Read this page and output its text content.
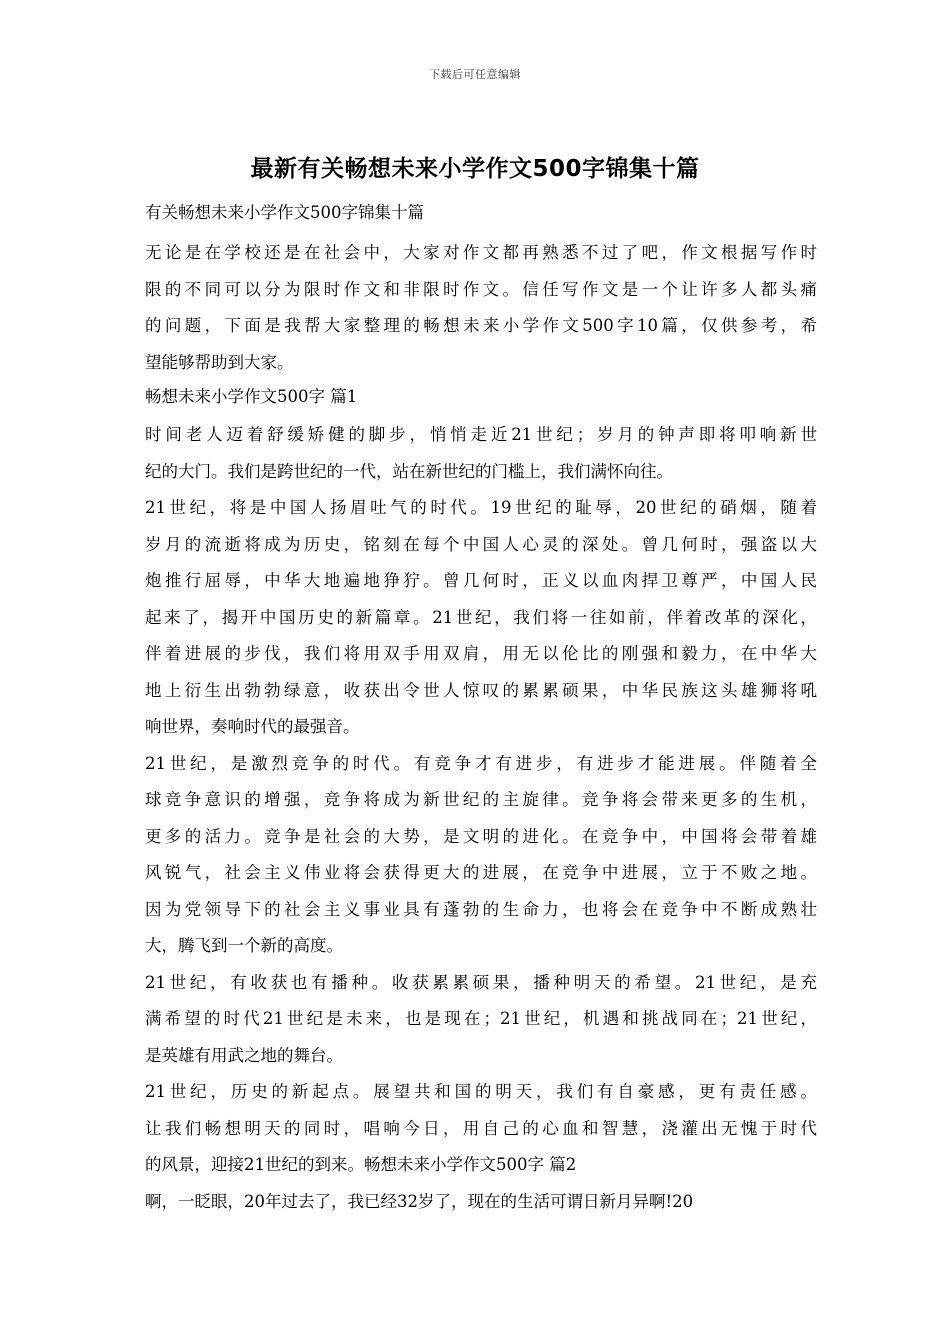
下载后可任意编辑
最新有关畅想未来小学作文500字锦集十篇
有关畅想未来小学作文500字锦集十篇
无论是在学校还是在社会中，大家对作文都再熟悉不过了吧，作文根据写作时
限的不同可以分为限时作文和非限时作文。信任写作文是一个让许多人都头痛
的问题，下面是我帮大家整理的畅想未来小学作文500字10篇，仅供参考，希
望能够帮助到大家。
畅想未来小学作文500字 篇1
时间老人迈着舒缓矫健的脚步，悄悄走近21世纪；岁月的钟声即将叩响新世
纪的大门。我们是跨世纪的一代，站在新世纪的门槛上，我们满怀向往。
21世纪，将是中国人扬眉吐气的时代。19世纪的耻辱，20世纪的硝烟，随着
岁月的流逝将成为历史，铭刻在每个中国人心灵的深处。曾几何时，强盗以大
炮推行屈辱，中华大地遍地狰狞。曾几何时，正义以血肉捍卫尊严，中国人民
起来了，揭开中国历史的新篇章。21世纪，我们将一往如前，伴着改革的深化，
伴着进展的步伐，我们将用双手用双肩，用无以伦比的刚强和毅力，在中华大
地上衍生出勃勃绿意，收获出令世人惊叹的累累硕果，中华民族这头雄狮将吼
响世界，奏响时代的最强音。
21世纪，是激烈竞争的时代。有竞争才有进步，有进步才能进展。伴随着全
球竞争意识的增强，竞争将成为新世纪的主旋律。竞争将会带来更多的生机，
更多的活力。竞争是社会的大势，是文明的进化。在竞争中，中国将会带着雄
风锐气，社会主义伟业将会获得更大的进展，在竞争中进展，立于不败之地。
因为党领导下的社会主义事业具有蓬勃的生命力，也将会在竞争中不断成熟壮
大，腾飞到一个新的高度。
21世纪，有收获也有播种。收获累累硕果，播种明天的希望。21世纪，是充
满希望的时代21世纪是未来，也是现在；21世纪，机遇和挑战同在；21世纪，
是英雄有用武之地的舞台。
21世纪，历史的新起点。展望共和国的明天，我们有自豪感，更有责任感。
让我们畅想明天的同时，唱响今日，用自己的心血和智慧，浇灌出无愧于时代
的风景，迎接21世纪的到来。畅想未来小学作文500字 篇2
啊，一眨眼，20年过去了，我已经32岁了，现在的生活可谓日新月异啊!20
